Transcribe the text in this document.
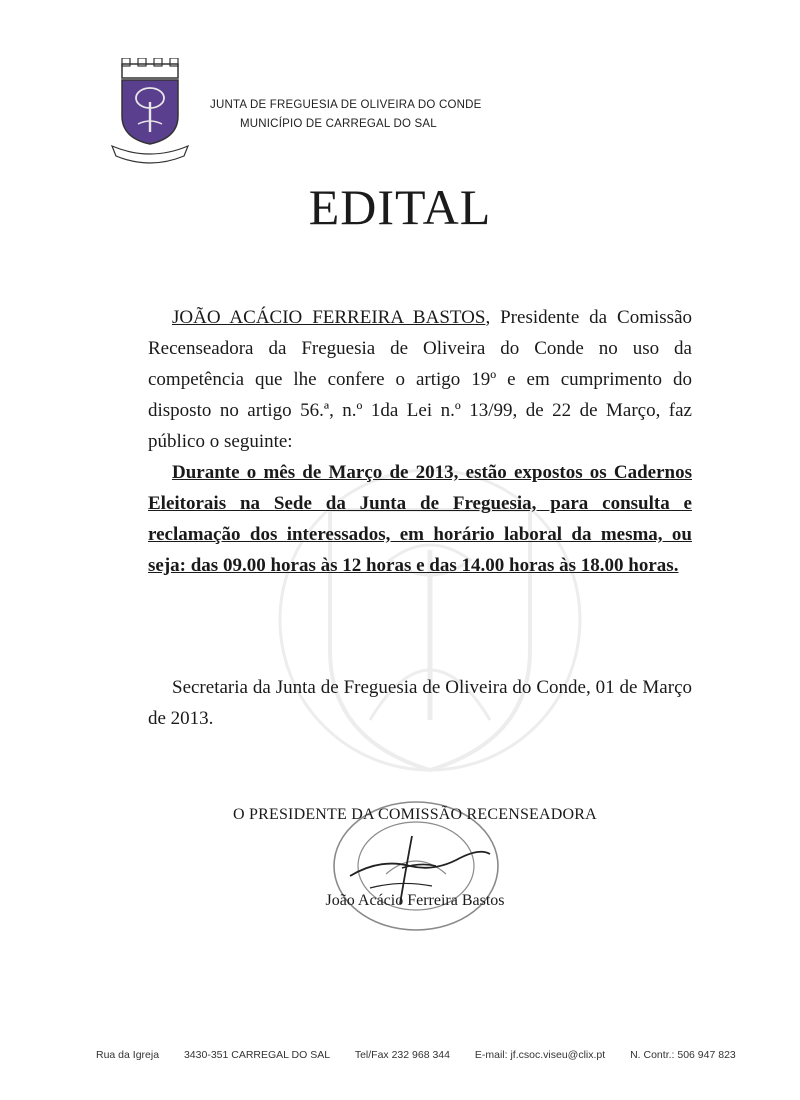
JUNTA DE FREGUESIA DE OLIVEIRA DO CONDE
MUNICÍPIO DE CARREGAL DO SAL
EDITAL

JOÃO ACÁCIO FERREIRA BASTOS, Presidente da Comissão Recenseadora da Freguesia de Oliveira do Conde no uso da competência que lhe confere o artigo 19º e em cumprimento do disposto no artigo 56.ª, n.º 1da Lei n.º 13/99, de 22 de Março, faz público o seguinte:

Durante o mês de Março de 2013, estão expostos os Cadernos Eleitorais na Sede da Junta de Freguesia, para consulta e reclamação dos interessados, em horário laboral da mesma, ou seja: das 09.00 horas às 12 horas e das 14.00 horas às 18.00 horas.

Secretaria da Junta de Freguesia de Oliveira do Conde, 01 de Março de 2013.

O PRESIDENTE DA COMISSÃO RECENSEADORA
João Acácio Ferreira Bastos
Rua da Igreja 3430-351 CARREGAL DO SAL Tel/Fax 232 968 344 E-mail: jf.csoc.viseu@clix.pt N. Contr.: 506 947 823
